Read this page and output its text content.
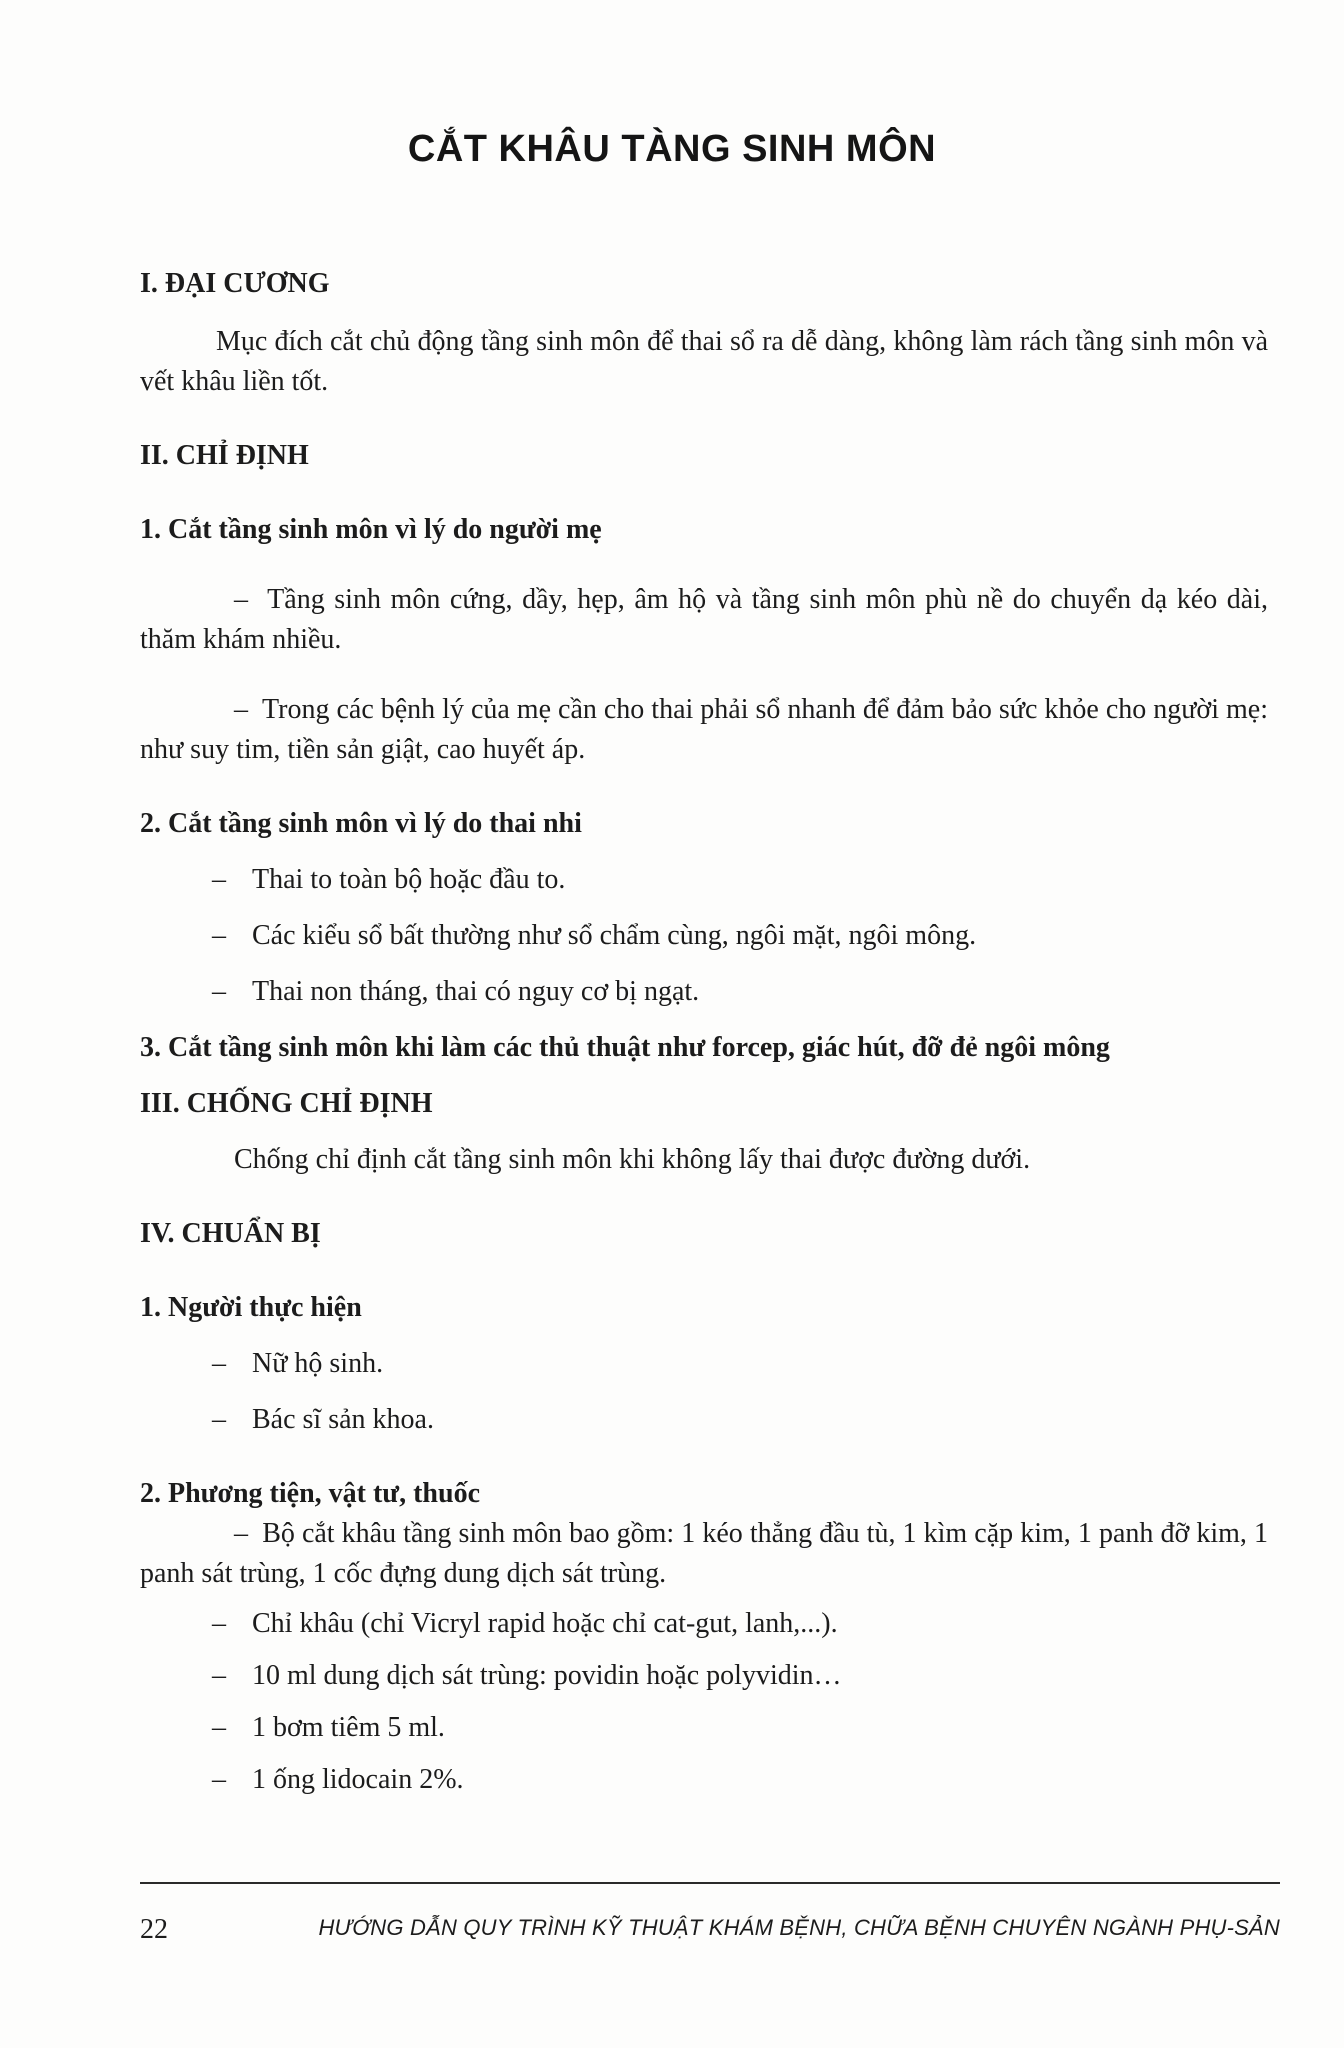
CẮT KHÂU TÀNG SINH MÔN
I. ĐẠI CƯƠNG

Mục đích cắt chủ động tầng sinh môn để thai sổ ra dễ dàng, không làm rách tầng sinh môn và vết khâu liền tốt.

II. CHỈ ĐỊNH
1. Cắt tầng sinh môn vì lý do người mẹ

– Tầng sinh môn cứng, dầy, hẹp, âm hộ và tầng sinh môn phù nề do chuyển dạ kéo dài, thăm khám nhiều.

– Trong các bệnh lý của mẹ cần cho thai phải sổ nhanh để đảm bảo sức khỏe cho người mẹ: như suy tim, tiền sản giật, cao huyết áp.

2. Cắt tầng sinh môn vì lý do thai nhi

– Thai to toàn bộ hoặc đầu to.

– Các kiểu sổ bất thường như sổ chẩm cùng, ngôi mặt, ngôi mông.

– Thai non tháng, thai có nguy cơ bị ngạt.

3. Cắt tầng sinh môn khi làm các thủ thuật như forcep, giác hút, đỡ đẻ ngôi mông
III. CHỐNG CHỈ ĐỊNH

Chống chỉ định cắt tầng sinh môn khi không lấy thai được đường dưới.

IV. CHUẨN BỊ
1. Người thực hiện

– Nữ hộ sinh.

– Bác sĩ sản khoa.

2. Phương tiện, vật tư, thuốc

– Bộ cắt khâu tầng sinh môn bao gồm: 1 kéo thẳng đầu tù, 1 kìm cặp kim, 1 panh đỡ kim, 1 panh sát trùng, 1 cốc đựng dung dịch sát trùng.

– Chỉ khâu (chỉ Vicryl rapid hoặc chỉ cat-gut, lanh,...).

– 10 ml dung dịch sát trùng: povidin hoặc polyvidin…

– 1 bơm tiêm 5 ml.

– 1 ống lidocain 2%.

22	HƯỚNG DẪN QUY TRÌNH KỸ THUẬT KHÁM BỆNH, CHỮA BỆNH CHUYÊN NGÀNH PHỤ-SẢN
